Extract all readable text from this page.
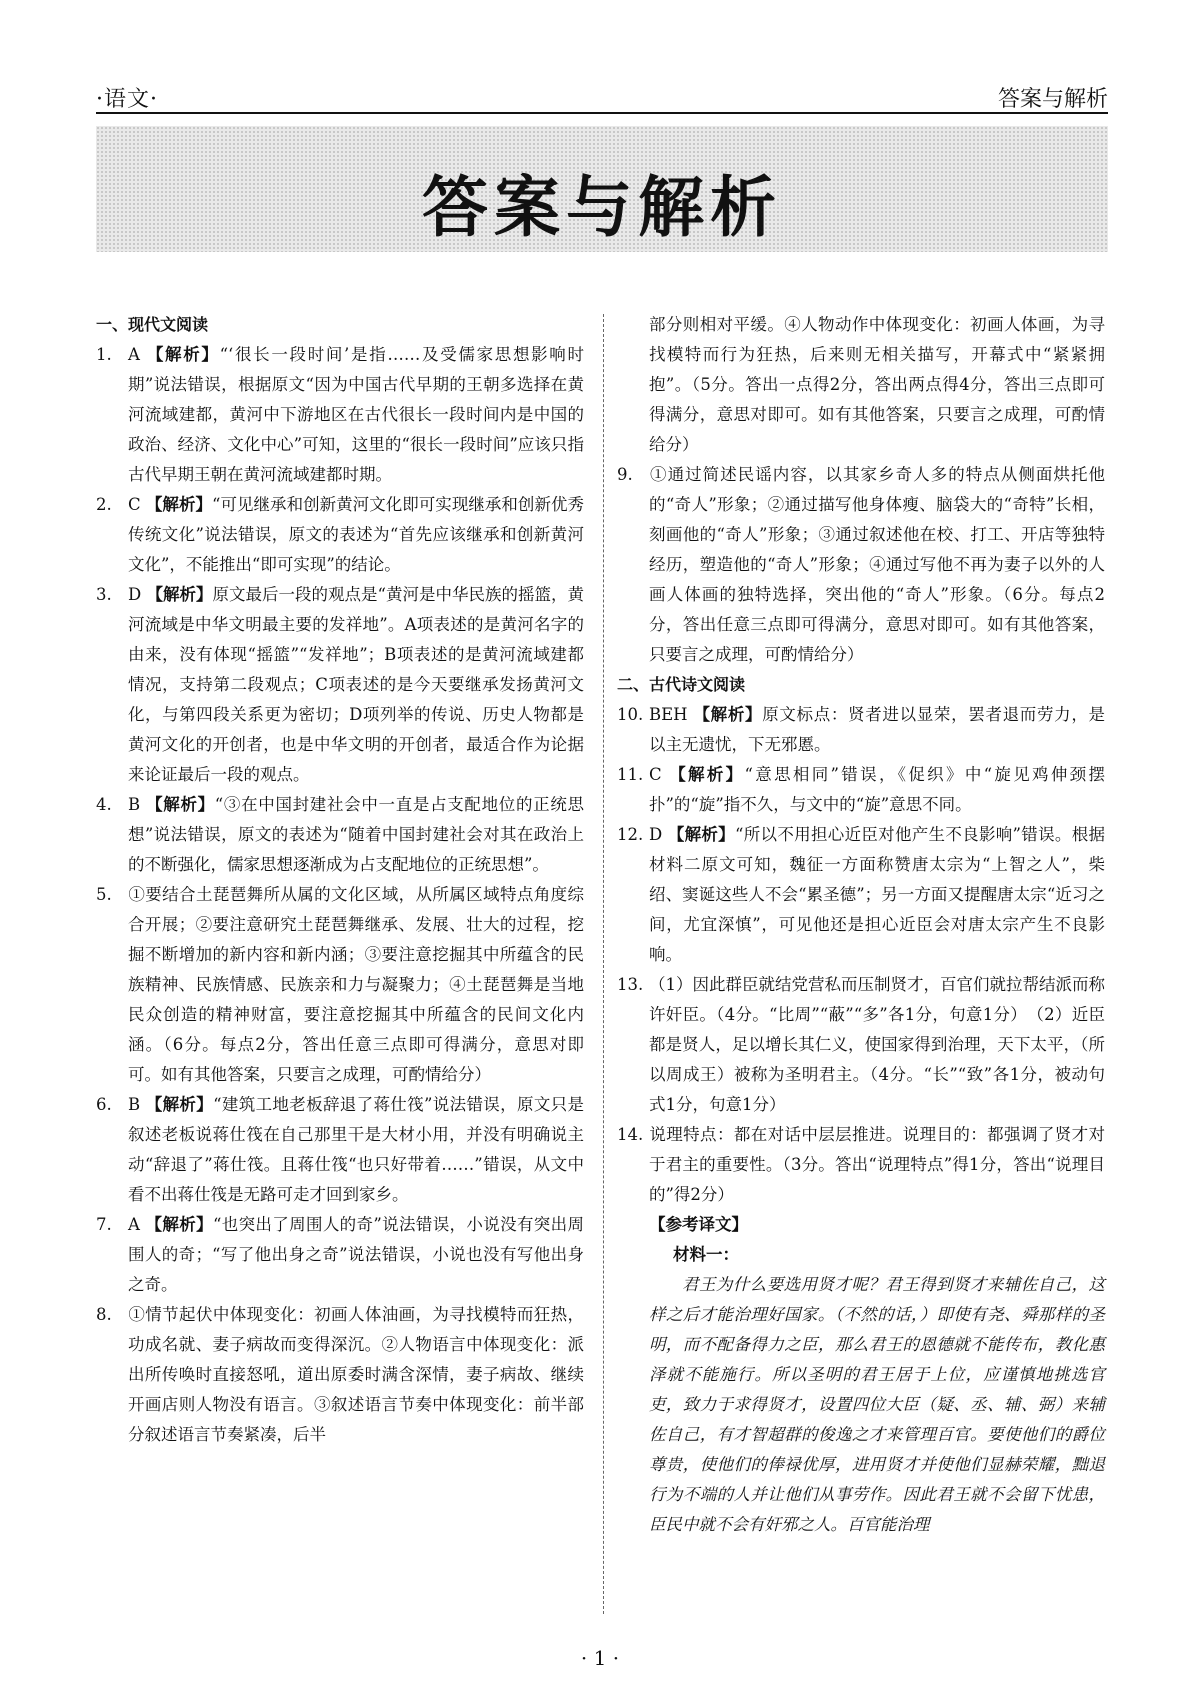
·语文·	答案与解析
答案与解析
一、现代文阅读

1. A 【解析】“‘很长一段时间’是指……及受儒家思想影响时期”说法错误，根据原文“因为中国古代早期的王朝多选择在黄河流域建都，黄河中下游地区在古代很长一段时间内是中国的政治、经济、文化中心”可知，这里的“很长一段时间”应该只指古代早期王朝在黄河流域建都时期。

2. C 【解析】“可见继承和创新黄河文化即可实现继承和创新优秀传统文化”说法错误，原文的表述为“首先应该继承和创新黄河文化”，不能推出“即可实现”的结论。

3. D 【解析】原文最后一段的观点是“黄河是中华民族的摇篮，黄河流域是中华文明最主要的发祥地”。A项表述的是黄河名字的由来，没有体现“摇篮”“发祥地”；B项表述的是黄河流域建都情况，支持第二段观点；C项表述的是今天要继承发扬黄河文化，与第四段关系更为密切；D项列举的传说、历史人物都是黄河文化的开创者，也是中华文明的开创者，最适合作为论据来论证最后一段的观点。

4. B 【解析】“③在中国封建社会中一直是占支配地位的正统思想”说法错误，原文的表述为“随着中国封建社会对其在政治上的不断强化，儒家思想逐渐成为占支配地位的正统思想”。

5. ①要结合土琵琶舞所从属的文化区域，从所属区域特点角度综合开展；②要注意研究土琵琶舞继承、发展、壮大的过程，挖掘不断增加的新内容和新内涵；③要注意挖掘其中所蕴含的民族精神、民族情感、民族亲和力与凝聚力；④土琵琶舞是当地民众创造的精神财富，要注意挖掘其中所蕴含的民间文化内涵。（6分。每点2分，答出任意三点即可得满分，意思对即可。如有其他答案，只要言之成理，可酌情给分）

6. B 【解析】“建筑工地老板辞退了蒋仕筏”说法错误，原文只是叙述老板说蒋仕筏在自己那里干是大材小用，并没有明确说主动“辞退了”蒋仕筏。且蒋仕筏“也只好带着……”错误，从文中看不出蒋仕筏是无路可走才回到家乡。

7. A 【解析】“也突出了周围人的奇”说法错误，小说没有突出周围人的奇；“写了他出身之奇”说法错误，小说也没有写他出身之奇。

8. ①情节起伏中体现变化：初画人体油画，为寻找模特而狂热，功成名就、妻子病故而变得深沉。②人物语言中体现变化：派出所传唤时直接怒吼，道出原委时满含深情，妻子病故、继续开画店则人物没有语言。③叙述语言节奏中体现变化：前半部分叙述语言节奏紧凑，后半

部分则相对平缓。④人物动作中体现变化：初画人体画，为寻找模特而行为狂热，后来则无相关描写，开幕式中“紧紧拥抱”。（5分。答出一点得2分，答出两点得4分，答出三点即可得满分，意思对即可。如有其他答案，只要言之成理，可酌情给分）

9. ①通过简述民谣内容，以其家乡奇人多的特点从侧面烘托他的“奇人”形象；②通过描写他身体瘦、脑袋大的“奇特”长相，刻画他的“奇人”形象；③通过叙述他在校、打工、开店等独特经历，塑造他的“奇人”形象；④通过写他不再为妻子以外的人画人体画的独特选择，突出他的“奇人”形象。（6分。每点2分，答出任意三点即可得满分，意思对即可。如有其他答案，只要言之成理，可酌情给分）

二、古代诗文阅读

10. BEH 【解析】原文标点：贤者进以显荣，罢者退而劳力，是以主无遗忧，下无邪慝。

11. C 【解析】“意思相同”错误，《促织》中“旋见鸡伸颈摆扑”的“旋”指不久，与文中的“旋”意思不同。

12. D 【解析】“所以不用担心近臣对他产生不良影响”错误。根据材料二原文可知，魏征一方面称赞唐太宗为“上智之人”，柴绍、窦诞这些人不会“累圣德”；另一方面又提醒唐太宗“近习之间，尤宜深慎”，可见他还是担心近臣会对唐太宗产生不良影响。

13. （1）因此群臣就结党营私而压制贤才，百官们就拉帮结派而称许奸臣。（4分。“比周”“蔽”“多”各1分，句意1分）　（2）近臣都是贤人，足以增长其仁义，使国家得到治理，天下太平，（所以周成王）被称为圣明君主。（4分。“长”“致”各1分，被动句式1分，句意1分）

14. 说理特点：都在对话中层层推进。说理目的：都强调了贤才对于君主的重要性。（3分。答出“说理特点”得1分，答出“说理目的”得2分）

【参考译文】

材料一：

君王为什么要选用贤才呢？君王得到贤才来辅佐自己，这样之后才能治理好国家。（不然的话，）即使有尧、舜那样的圣明，而不配备得力之臣，那么君王的恩德就不能传布，教化惠泽就不能施行。所以圣明的君王居于上位，应谨慎地挑选官吏，致力于求得贤才，设置四位大臣（疑、丞、辅、弼）来辅佐自己，有才智超群的俊逸之才来管理百官。要使他们的爵位尊贵，使他们的俸禄优厚，进用贤才并使他们显赫荣耀，黜退行为不端的人并让他们从事劳作。因此君王就不会留下忧患，臣民中就不会有奸邪之人。百官能治理

· 1 ·
